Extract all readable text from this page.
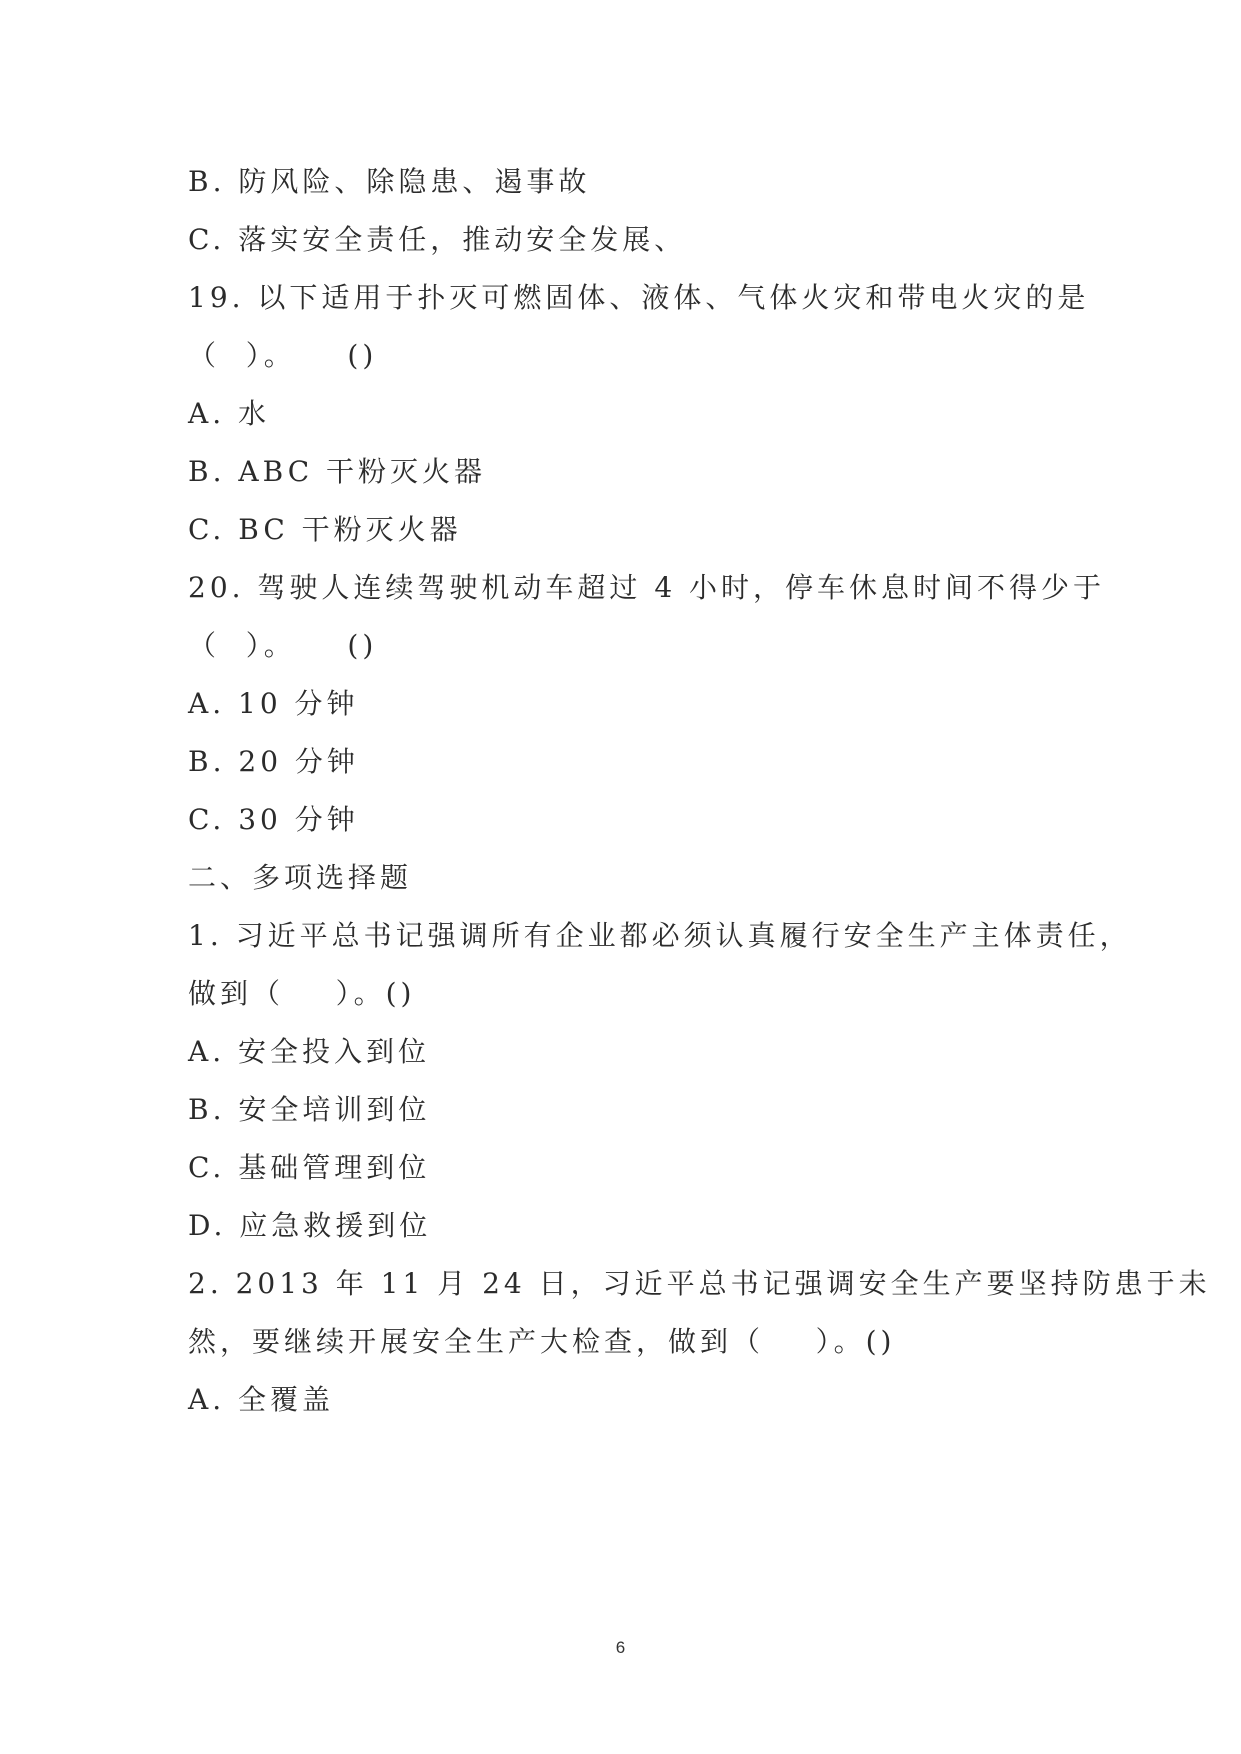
B. 防风险、除隐患、遏事故
C. 落实安全责任，推动安全发展、
19. 以下适用于扑灭可燃固体、液体、气体火灾和带电火灾的是
（  ）。    ()
A. 水
B. ABC 干粉灭火器
C. BC 干粉灭火器
20. 驾驶人连续驾驶机动车超过 4 小时，停车休息时间不得少于
（  ）。    ()
A. 10 分钟
B. 20 分钟
C. 30 分钟
二、多项选择题
1. 习近平总书记强调所有企业都必须认真履行安全生产主体责任，
做到（    ）。()
A. 安全投入到位
B. 安全培训到位
C. 基础管理到位
D. 应急救援到位
2. 2013 年 11 月 24 日，习近平总书记强调安全生产要坚持防患于未
然，要继续开展安全生产大检查，做到（    ）。()
A. 全覆盖
6
